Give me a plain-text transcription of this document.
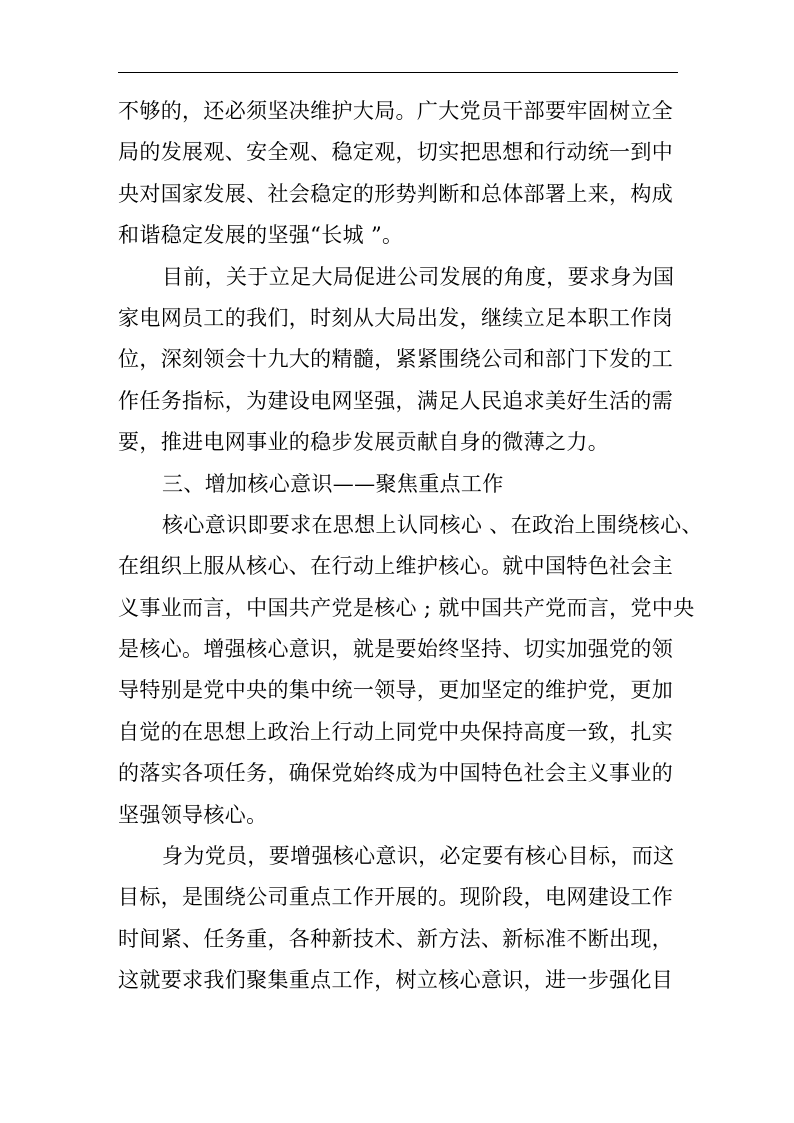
不够的，还必须坚决维护大局。广大党员干部要牢固树立全
局的发展观、安全观、稳定观，切实把思想和行动统一到中
央对国家发展、社会稳定的形势判断和总体部署上来，构成
和谐稳定发展的坚强“长城 ”。
目前，关于立足大局促进公司发展的角度，要求身为国
家电网员工的我们，时刻从大局出发，继续立足本职工作岗
位，深刻领会十九大的精髓，紧紧围绕公司和部门下发的工
作任务指标，为建设电网坚强，满足人民追求美好生活的需
要，推进电网事业的稳步发展贡献自身的微薄之力。
三、增加核心意识——聚焦重点工作
核心意识即要求在思想上认同核心 、在政治上围绕核心、
在组织上服从核心、在行动上维护核心。就中国特色社会主
义事业而言，中国共产党是核心 ; 就中国共产党而言，党中央
是核心。增强核心意识，就是要始终坚持、切实加强党的领
导特别是党中央的集中统一领导，更加坚定的维护党，更加
自觉的在思想上政治上行动上同党中央保持高度一致，扎实
的落实各项任务，确保党始终成为中国特色社会主义事业的
坚强领导核心。
身为党员，要增强核心意识，必定要有核心目标，而这
目标，是围绕公司重点工作开展的。现阶段，电网建设工作
时间紧、任务重，各种新技术、新方法、新标准不断出现，
这就要求我们聚集重点工作，树立核心意识，进一步强化目
